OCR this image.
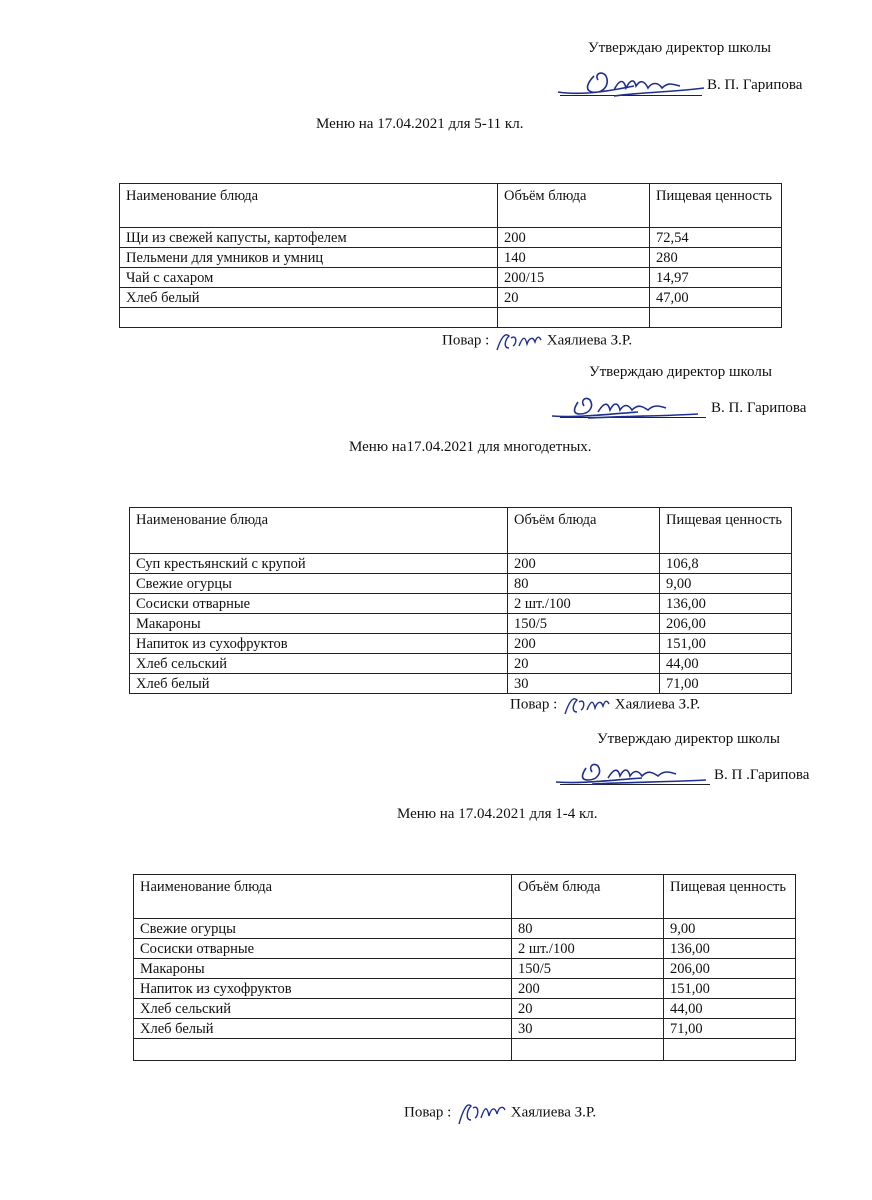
Утверждаю директор школы
В. П. Гарипова
Меню на 17.04.2021 для 5-11 кл.
Наименование блюда	Объём блюда	Пищевая ценность
Щи из свежей капусты, картофелем	200	72,54
Пельмени для умников и умниц	140	280
Чай с сахаром	200/15	14,97
Хлеб белый	20	47,00

Повар :	Хаялиева З.Р.
Утверждаю директор школы
В. П. Гарипова
Меню на17.04.2021 для многодетных.
Наименование блюда	Объём блюда	Пищевая ценность
Суп крестьянский с крупой	200	106,8
Свежие огурцы	80	9,00
Сосиски отварные	2 шт./100	136,00
Макароны	150/5	206,00
Напиток из сухофруктов	200	151,00
Хлеб сельский	20	44,00
Хлеб белый	30	71,00
Повар :	Хаялиева З.Р.
Утверждаю директор школы
В. П .Гарипова
Меню на 17.04.2021 для 1-4 кл.
Наименование блюда	Объём блюда	Пищевая ценность
Свежие огурцы	80	9,00
Сосиски отварные	2 шт./100	136,00
Макароны	150/5	206,00
Напиток из сухофруктов	200	151,00
Хлеб сельский	20	44,00
Хлеб белый	30	71,00

Повар :	Хаялиева З.Р.
